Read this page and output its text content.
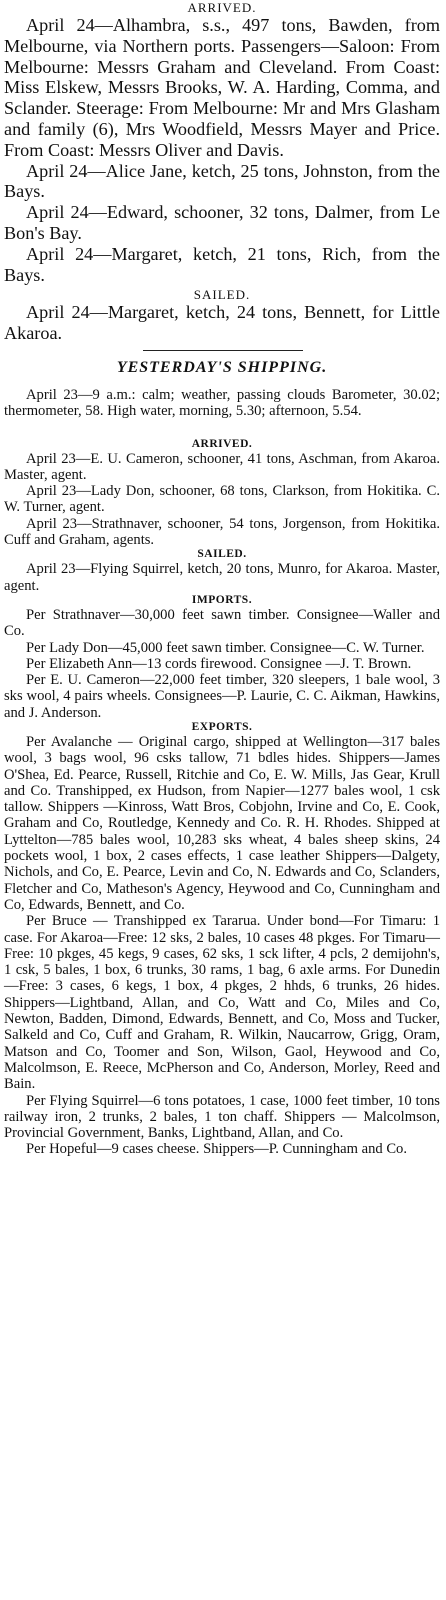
ARRIVED.

April 24—Alhambra, s.s., 497 tons, Bawden, from Melbourne, via Northern ports. Passengers—Saloon: From Melbourne: Messrs Graham and Cleveland. From Coast: Miss Elskew, Messrs Brooks, W. A. Harding, Comma, and Sclander. Steerage: From Melbourne: Mr and Mrs Glasham and family (6), Mrs Woodfield, Messrs Mayer and Price. From Coast: Messrs Oliver and Davis.

April 24—Alice Jane, ketch, 25 tons, Johnston, from the Bays.

April 24—Edward, schooner, 32 tons, Dalmer, from Le Bon's Bay.

April 24—Margaret, ketch, 21 tons, Rich, from the Bays.

SAILED.

April 24—Margaret, ketch, 24 tons, Bennett, for Little Akaroa.

YESTERDAY'S SHIPPING.

April 23—9 a.m.: calm; weather, passing clouds Barometer, 30.02; thermometer, 58. High water, morning, 5.30; afternoon, 5.54.

ARRIVED.

April 23—E. U. Cameron, schooner, 41 tons, Aschman, from Akaroa. Master, agent.

April 23—Lady Don, schooner, 68 tons, Clarkson, from Hokitika. C. W. Turner, agent.

April 23—Strathnaver, schooner, 54 tons, Jorgenson, from Hokitika. Cuff and Graham, agents.

SAILED.

April 23—Flying Squirrel, ketch, 20 tons, Munro, for Akaroa. Master, agent.

IMPORTS.

Per Strathnaver—30,000 feet sawn timber. Consignee—Waller and Co.

Per Lady Don—45,000 feet sawn timber. Consignee—C. W. Turner.

Per Elizabeth Ann—13 cords firewood. Consignee —J. T. Brown.

Per E. U. Cameron—22,000 feet timber, 320 sleepers, 1 bale wool, 3 sks wool, 4 pairs wheels. Consignees—P. Laurie, C. C. Aikman, Hawkins, and J. Anderson.

EXPORTS.

Per Avalanche — Original cargo, shipped at Wellington—317 bales wool, 3 bags wool, 96 csks tallow, 71 bdles hides. Shippers—James O'Shea, Ed. Pearce, Russell, Ritchie and Co, E. W. Mills, Jas Gear, Krull and Co. Transhipped, ex Hudson, from Napier—1277 bales wool, 1 csk tallow. Shippers —Kinross, Watt Bros, Cobjohn, Irvine and Co, E. Cook, Graham and Co, Routledge, Kennedy and Co. R. H. Rhodes. Shipped at Lyttelton—785 bales wool, 10,283 sks wheat, 4 bales sheep skins, 24 pockets wool, 1 box, 2 cases effects, 1 case leather Shippers—Dalgety, Nichols, and Co, E. Pearce, Levin and Co, N. Edwards and Co, Sclanders, Fletcher and Co, Matheson's Agency, Heywood and Co, Cunningham and Co, Edwards, Bennett, and Co.

Per Bruce — Transhipped ex Tararua. Under bond—For Timaru: 1 case. For Akaroa—Free: 12 sks, 2 bales, 10 cases 48 pkges. For Timaru—Free: 10 pkges, 45 kegs, 9 cases, 62 sks, 1 sck lifter, 4 pcls, 2 demijohn's, 1 csk, 5 bales, 1 box, 6 trunks, 30 rams, 1 bag, 6 axle arms. For Dunedin—Free: 3 cases, 6 kegs, 1 box, 4 pkges, 2 hhds, 6 trunks, 26 hides. Shippers—Lightband, Allan, and Co, Watt and Co, Miles and Co, Newton, Badden, Dimond, Edwards, Bennett, and Co, Moss and Tucker, Salkeld and Co, Cuff and Graham, R. Wilkin, Naucarrow, Grigg, Oram, Matson and Co, Toomer and Son, Wilson, Gaol, Heywood and Co, Malcolmson, E. Reece, McPherson and Co, Anderson, Morley, Reed and Bain.

Per Flying Squirrel—6 tons potatoes, 1 case, 1000 feet timber, 10 tons railway iron, 2 trunks, 2 bales, 1 ton chaff. Shippers — Malcolmson, Provincial Government, Banks, Lightband, Allan, and Co.

Per Hopeful—9 cases cheese. Shippers—P. Cunningham and Co.
